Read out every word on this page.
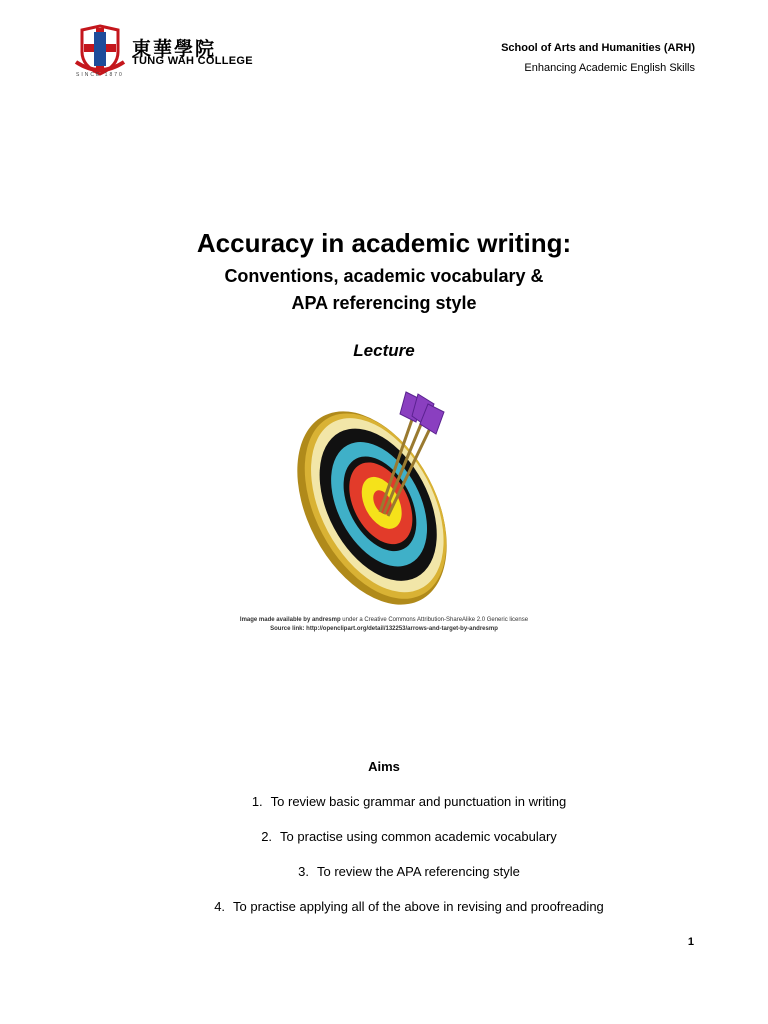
東華學院
TUNG WAH COLLEGE
SINCE 1870
School of Arts and Humanities (ARH)
Enhancing Academic English Skills
Accuracy in academic writing:
Conventions, academic vocabulary &
APA referencing style
Lecture
Image made available by andresmp under a Creative Commons Attribution-ShareAlike 2.0 Generic license
Source link: http://openclipart.org/detail/132253/arrows-and-target-by-andresmp
Aims
1. To review basic grammar and punctuation in writing
2. To practise using common academic vocabulary
3. To review the APA referencing style
4. To practise applying all of the above in revising and proofreading
1
